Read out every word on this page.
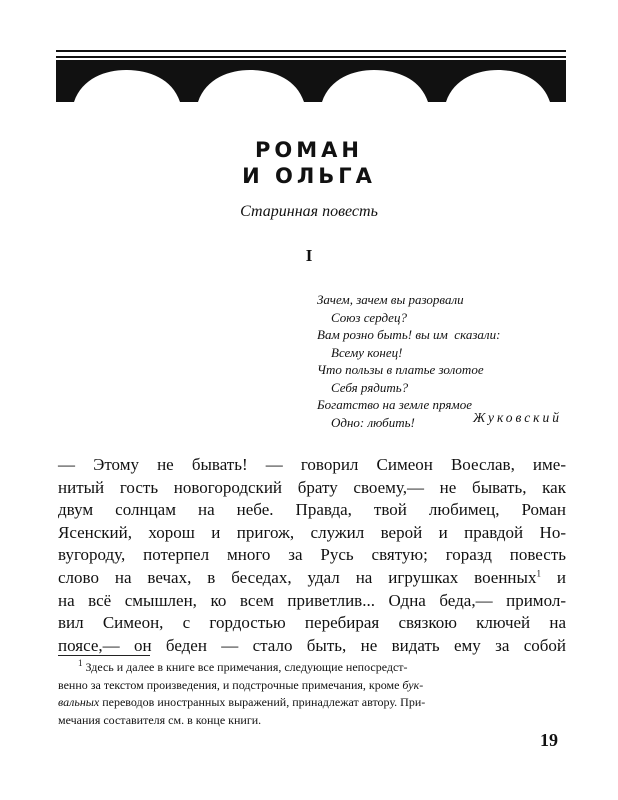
РОМАН
И ОЛЬГА
Старинная повесть
I
Зачем, зачем вы разорвали
Союз сердец?
Вам розно быть! вы им  сказали:
Всему конец!
Что пользы в платье золотое
Себя рядить?
Богатство на земле прямое
Одно: любить!	Жуковский
— Этому не бывать! — говорил Симеон Воеслав, име-
нитый гость новогородский брату своему,— не бывать, как
двум солнцам на небе. Правда, твой любимец, Роман
Ясенский, хорош и пригож, служил верой и правдой Но-
вугороду, потерпел много за Русь святую; горазд повесть
слово на вечах, в беседах, удал на игрушках военных$^1$ и
на всё смышлен, ко всем приветлив... Одна беда,— примол-
вил Симеон, с гордостью перебирая связкою ключей на
поясе,— он беден — стало быть, не видать ему за собой
$^1$ Здесь и далее в книге все примечания, следующие непосредст-
венно за текстом произведения, и подстрочные примечания, кроме бук-
вальных переводов иностранных выражений, принадлежат автору. При-
мечания составителя см. в конце книги.
19
